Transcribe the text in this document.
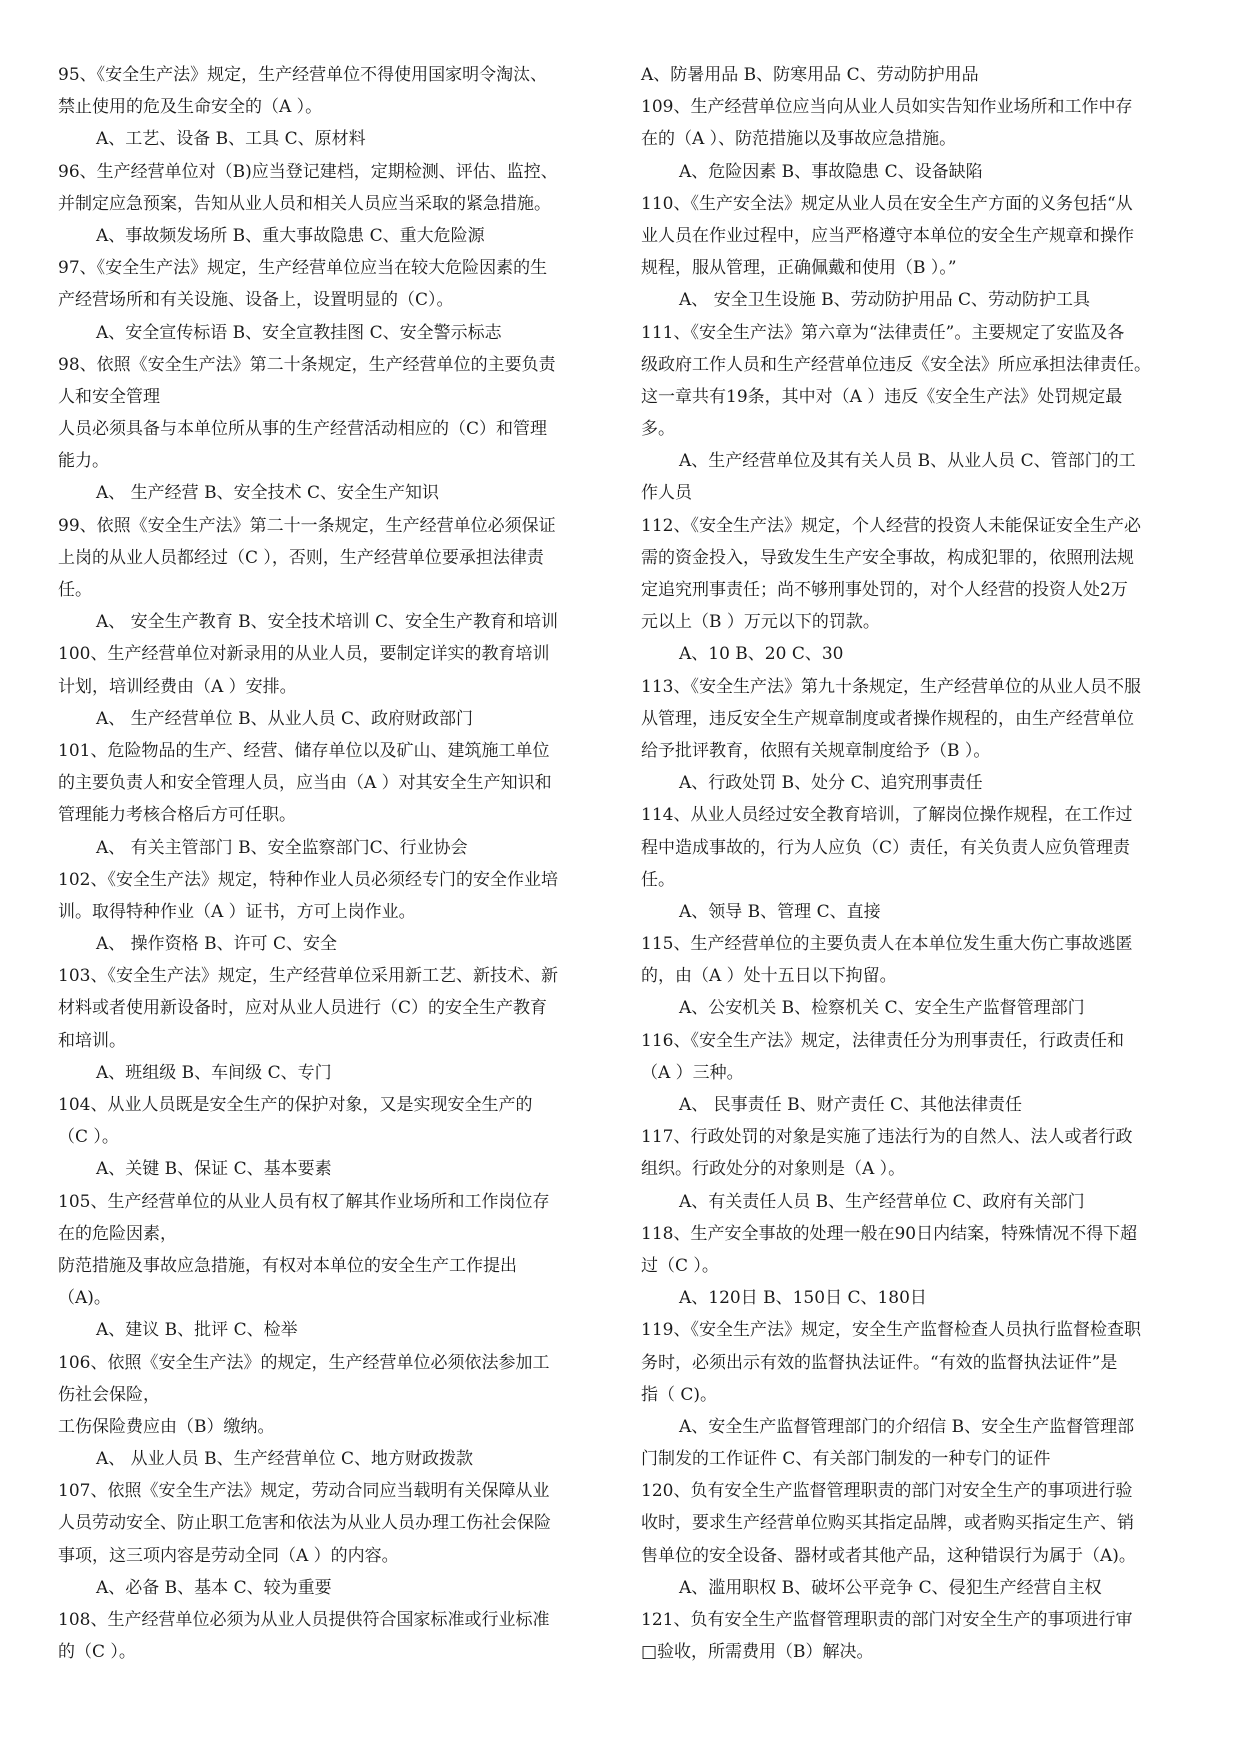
95、《安全生产法》规定，生产经营单位不得使用国家明令淘汰、
禁止使用的危及生命安全的（A ）。
A、工艺、设备 B、工具 C、原材料
96、生产经营单位对（B)应当登记建档，定期检测、评估、监控、
并制定应急预案，告知从业人员和相关人员应当采取的紧急措施。
A、事故频发场所 B、重大事故隐患 C、重大危险源
97、《安全生产法》规定，生产经营单位应当在较大危险因素的生
产经营场所和有关设施、设备上，设置明显的（C）。
A、安全宣传标语 B、安全宣教挂图 C、安全警示标志
98、依照《安全生产法》第二十条规定，生产经营单位的主要负责
人和安全管理
人员必须具备与本单位所从事的生产经营活动相应的（C）和管理
能力。
A、 生产经营 B、安全技术 C、安全生产知识
99、依照《安全生产法》第二十一条规定，生产经营单位必须保证
上岗的从业人员都经过（C ），否则，生产经营单位要承担法律责
任。
A、 安全生产教育 B、安全技术培训 C、安全生产教育和培训
100、生产经营单位对新录用的从业人员，要制定详实的教育培训
计划，培训经费由（A ）安排。
A、 生产经营单位 B、从业人员 C、政府财政部门
101、危险物品的生产、经营、储存单位以及矿山、建筑施工单位
的主要负责人和安全管理人员，应当由（A ）对其安全生产知识和
管理能力考核合格后方可任职。
A、 有关主管部门 B、安全监察部门C、行业协会
102、《安全生产法》规定，特种作业人员必须经专门的安全作业培
训。取得特种作业（A ）证书，方可上岗作业。
A、 操作资格 B、许可 C、安全
103、《安全生产法》规定，生产经营单位采用新工艺、新技术、新
材料或者使用新设备时，应对从业人员进行（C）的安全生产教育
和培训。
A、班组级 B、车间级 C、专门
104、从业人员既是安全生产的保护对象，又是实现安全生产的
（C ）。
A、关键 B、保证 C、基本要素
105、生产经营单位的从业人员有权了解其作业场所和工作岗位存
在的危险因素，
防范措施及事故应急措施，有权对本单位的安全生产工作提出
（A)。
A、建议 B、批评 C、检举
106、依照《安全生产法》的规定，生产经营单位必须依法参加工
伤社会保险，
工伤保险费应由（B）缴纳。
A、 从业人员 B、生产经营单位 C、地方财政拨款
107、依照《安全生产法》规定，劳动合同应当载明有关保障从业
人员劳动安全、防止职工危害和依法为从业人员办理工伤社会保险
事项，这三项内容是劳动全同（A ）的内容。
A、必备 B、基本 C、较为重要
108、生产经营单位必须为从业人员提供符合国家标准或行业标准
的（C ）。
A、防暑用品 B、防寒用品 C、劳动防护用品
109、生产经营单位应当向从业人员如实告知作业场所和工作中存
在的（A ）、防范措施以及事故应急措施。
A、危险因素 B、事故隐患 C、设备缺陷
110、《生产安全法》规定从业人员在安全生产方面的义务包括“从
业人员在作业过程中，应当严格遵守本单位的安全生产规章和操作
规程，服从管理，正确佩戴和使用（B ）。”
A、 安全卫生设施 B、劳动防护用品 C、劳动防护工具
111、《安全生产法》第六章为“法律责任”。主要规定了安监及各
级政府工作人员和生产经营单位违反《安全法》所应承担法律责任。
这一章共有19条，其中对（A ）违反《安全生产法》处罚规定最
多。
A、生产经营单位及其有关人员 B、从业人员 C、管部门的工
作人员
112、《安全生产法》规定，个人经营的投资人未能保证安全生产必
需的资金投入，导致发生生产安全事故，构成犯罪的，依照刑法规
定追究刑事责任；尚不够刑事处罚的，对个人经营的投资人处2万
元以上（B ）万元以下的罚款。
A、10 B、20 C、30
113、《安全生产法》第九十条规定，生产经营单位的从业人员不服
从管理，违反安全生产规章制度或者操作规程的，由生产经营单位
给予批评教育，依照有关规章制度给予（B ）。
A、行政处罚 B、处分 C、追究刑事责任
114、从业人员经过安全教育培训，了解岗位操作规程，在工作过
程中造成事故的，行为人应负（C）责任，有关负责人应负管理责
任。
A、领导 B、管理 C、直接
115、生产经营单位的主要负责人在本单位发生重大伤亡事故逃匿
的，由（A ）处十五日以下拘留。
A、公安机关 B、检察机关 C、安全生产监督管理部门
116、《安全生产法》规定，法律责任分为刑事责任，行政责任和
（A ）三种。
A、 民事责任 B、财产责任 C、其他法律责任
117、行政处罚的对象是实施了违法行为的自然人、法人或者行政
组织。行政处分的对象则是（A ）。
A、有关责任人员 B、生产经营单位 C、政府有关部门
118、生产安全事故的处理一般在90日内结案，特殊情况不得下超
过（C ）。
A、120日 B、150日 C、180日
119、《安全生产法》规定，安全生产监督检查人员执行监督检查职
务时，必须出示有效的监督执法证件。“有效的监督执法证件”是
指（ C)。
A、安全生产监督管理部门的介绍信 B、安全生产监督管理部
门制发的工作证件 C、有关部门制发的一种专门的证件
120、负有安全生产监督管理职责的部门对安全生产的事项进行验
收时，要求生产经营单位购买其指定品牌，或者购买指定生产、销
售单位的安全设备、器材或者其他产品，这种错误行为属于（A)。
A、滥用职权 B、破坏公平竞争 C、侵犯生产经营自主权
121、负有安全生产监督管理职责的部门对安全生产的事项进行审
□验收，所需费用（B）解决。
